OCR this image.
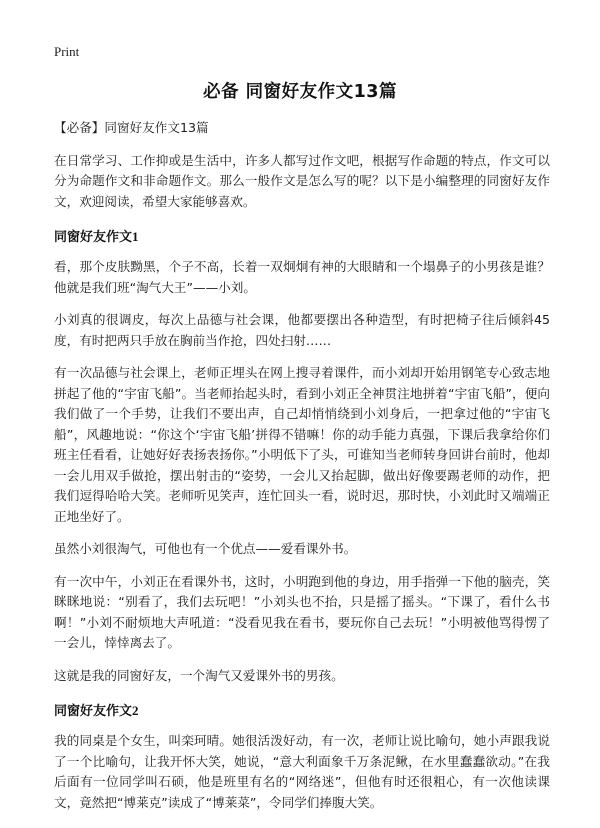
Print
必备 同窗好友作文13篇

【必备】同窗好友作文13篇

在日常学习、工作抑或是生活中，许多人都写过作文吧，根据写作命题的特点，作文可以分为命题作文和非命题作文。那么一般作文是怎么写的呢？以下是小编整理的同窗好友作文，欢迎阅读，希望大家能够喜欢。

同窗好友作文1

看，那个皮肤黝黑，个子不高，长着一双炯炯有神的大眼睛和一个塌鼻子的小男孩是谁？他就是我们班“淘气大王”——小刘。

小刘真的很调皮，每次上品德与社会课，他都要摆出各种造型，有时把椅子往后倾斜45度，有时把两只手放在胸前当作抢，四处扫射……

有一次品德与社会课上，老师正埋头在网上搜寻着课件，而小刘却开始用钢笔专心致志地拼起了他的“宇宙飞船”。当老师抬起头时，看到小刘正全神贯注地拼着“宇宙飞船”，便向我们做了一个手势，让我们不要出声，自己却悄悄绕到小刘身后，一把拿过他的“宇宙飞船”，风趣地说：“你这个‘宇宙飞船’拼得不错嘛！你的动手能力真强，下课后我拿给你们班主任看看，让她好好表扬表扬你。”小明低下了头，可谁知当老师转身回讲台前时，他却一会儿用双手做抢，摆出射击的“姿势，一会儿又抬起脚，做出好像要踢老师的动作，把我们逗得哈哈大笑。老师听见笑声，连忙回头一看，说时迟，那时快，小刘此时又端端正正地坐好了。

虽然小刘很淘气，可他也有一个优点——爱看课外书。

有一次中午，小刘正在看课外书，这时，小明跑到他的身边，用手指弹一下他的脑壳，笑眯眯地说：“别看了，我们去玩吧！”小刘头也不抬，只是摇了摇头。“下课了，看什么书啊！”小刘不耐烦地大声吼道：“没看见我在看书，要玩你自己去玩！”小明被他骂得愣了一会儿，悻悻离去了。

这就是我的同窗好友，一个淘气又爱课外书的男孩。

同窗好友作文2

我的同桌是个女生，叫栾珂晴。她很活泼好动，有一次，老师让说比喻句，她小声跟我说了一个比喻句，让我开怀大笑，她说，“意大利面象千万条泥鳅，在水里蠢蠢欲动。”在我后面有一位同学叫石硕，他是班里有名的“网络迷”，但他有时还很粗心，有一次他读课文，竟然把“博莱克”读成了“博莱菜”，令同学们捧腹大笑。
